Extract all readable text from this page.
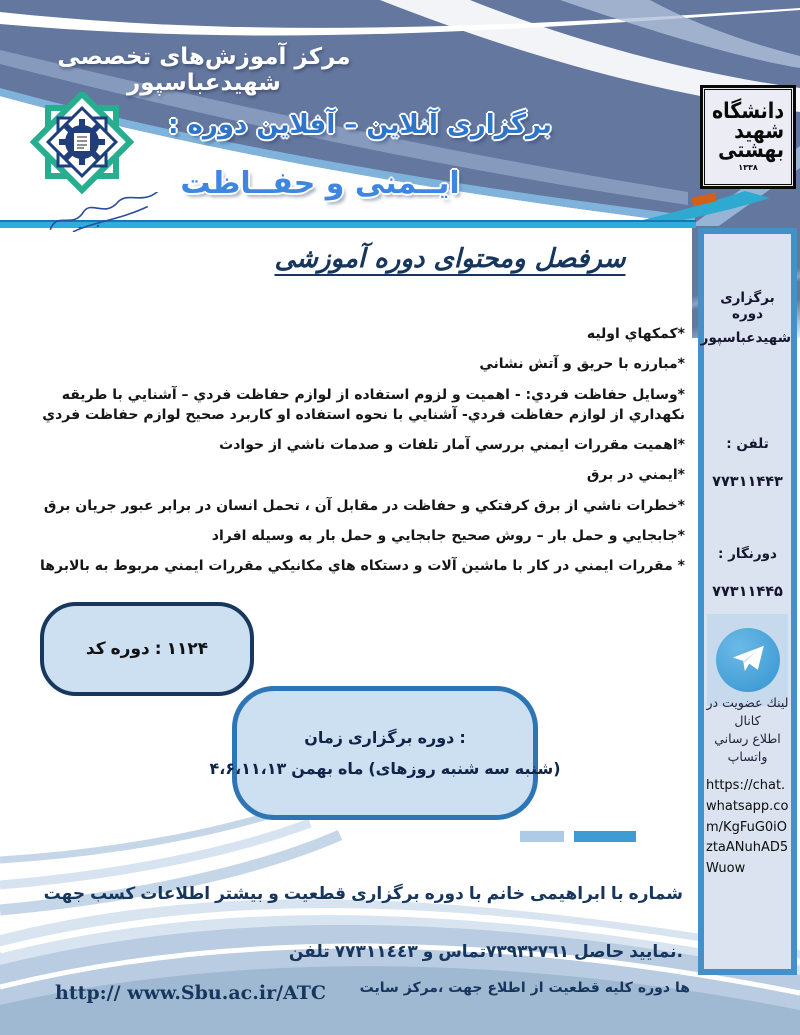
مرکز آموزش‌های تخصصی شهیدعباسپور
برگزاری آنلاین – آفلاین دوره :
ایــمنی و حفــاظت
دانشگاه
شهید
بهشتی
۱۳۳۸
سرفصل ومحتوای دوره آموزشی
*کمکهاي اوليه
*مبارزه با حريق و آتش نشاني
*وسایل حفاظت فردي: - اهمیت و لزوم استفاده از لوازم حفاظت فردي – آشنایي با طریقه نکهداري از لوازم حفاظت فردي- آشنایي با نحوه استفاده او کاربرد صحیح لوازم حفاظت فردي
*اهمیت مقررات ایمني بررسي آمار تلفات و صدمات ناشي از حوادث
*ایمني در برق
*خطرات ناشي از برق کرفتکي و حفاظت در مقابل آن ، تحمل انسان در برابر عبور جریان برق
*جابجایي و حمل بار – روش صحیح جابجایي و حمل بار به وسیله افراد
* مقررات ایمني در کار با ماشین آلات و دستکاه هاي مکانیکي مقررات ایمني مربوط به بالابرها
کد دوره : ۱۱۲۴
زمان برگزاری دوره :
۴،۶،۱۱،۱۳ بهمن ماه (روزهای شنبه سه شنبه)
برگزاری دوره
شهیدعباسپور
تلفن :
۷۷۳۱۱۴۴۳
دورنگار :
۷۷۳۱۱۴۴۵
لینك عضویت در کانال
اطلاع رساني واتساپ
https://chat.whatsapp.com/KgFuG0iOztaANuhAD5Wuow
جهت کسب اطلاعات بیشتر و قطعیت برگزاری دوره با خانم ابراهیمی با شماره
تلفن ٧٧٣١١٤٤٣ و ٧٣٩٣٢٧٦١تماس حاصل نمایید.
سایت مرکز، جهت اطلاع از قطعیت کلیه دوره ها
http:// www.Sbu.ac.ir/ATC
